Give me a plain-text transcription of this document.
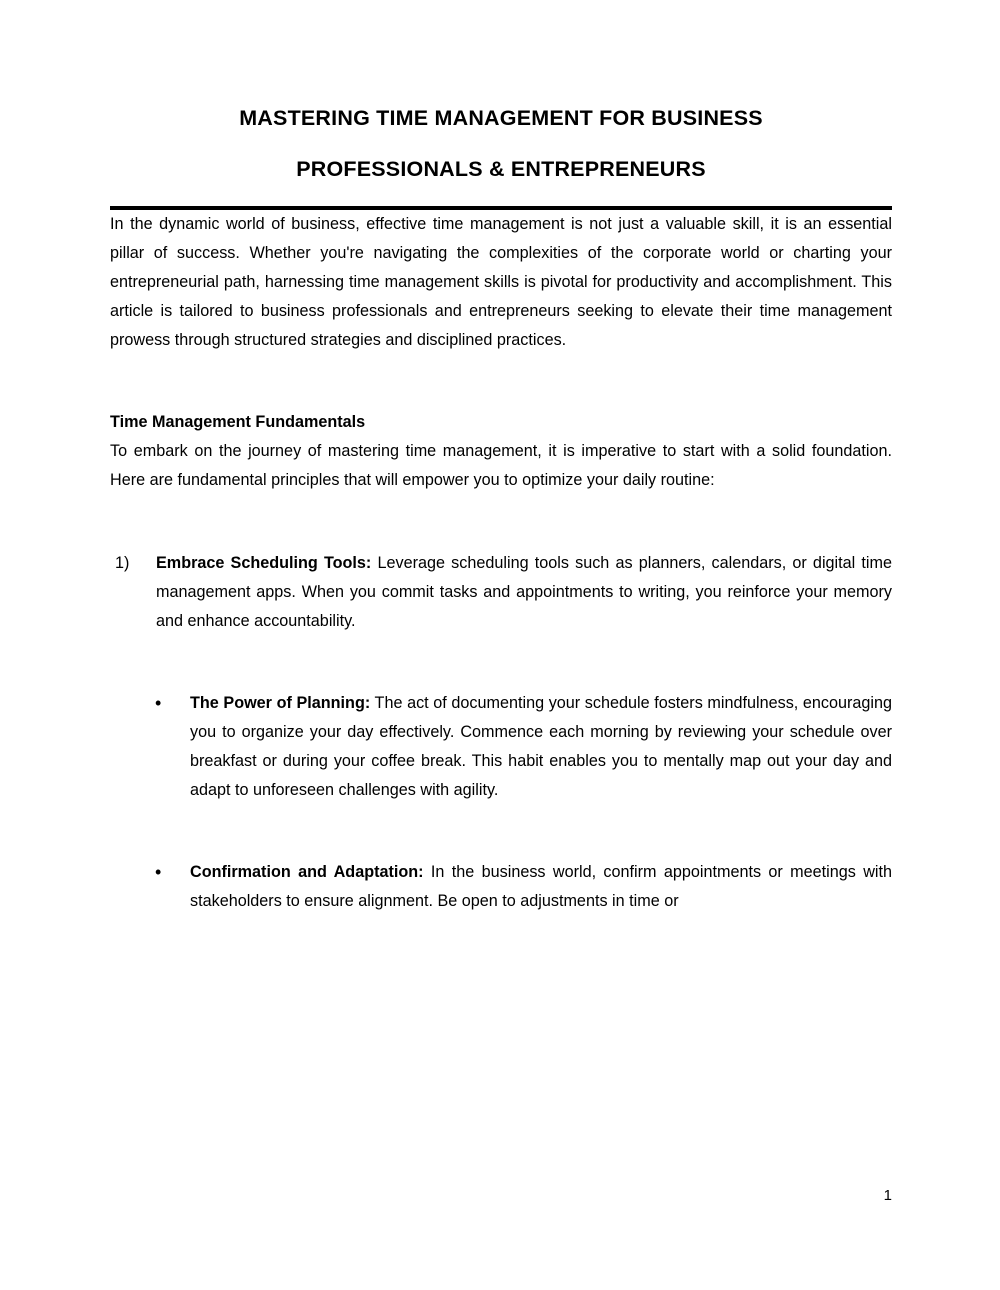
MASTERING TIME MANAGEMENT FOR BUSINESS
PROFESSIONALS & ENTREPRENEURS

In the dynamic world of business, effective time management is not just a valuable skill, it is an essential pillar of success. Whether you're navigating the complexities of the corporate world or charting your entrepreneurial path, harnessing time management skills is pivotal for productivity and accomplishment. This article is tailored to business professionals and entrepreneurs seeking to elevate their time management prowess through structured strategies and disciplined practices.

Time Management Fundamentals

To embark on the journey of mastering time management, it is imperative to start with a solid foundation. Here are fundamental principles that will empower you to optimize your daily routine:

1) Embrace Scheduling Tools: Leverage scheduling tools such as planners, calendars, or digital time management apps. When you commit tasks and appointments to writing, you reinforce your memory and enhance accountability.
• The Power of Planning: The act of documenting your schedule fosters mindfulness, encouraging you to organize your day effectively. Commence each morning by reviewing your schedule over breakfast or during your coffee break. This habit enables you to mentally map out your day and adapt to unforeseen challenges with agility.
• Confirmation and Adaptation: In the business world, confirm appointments or meetings with stakeholders to ensure alignment. Be open to adjustments in time or
1
